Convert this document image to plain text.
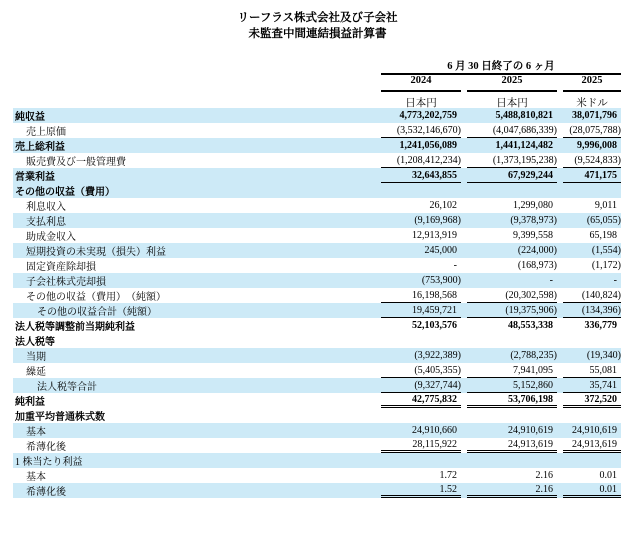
リーフラス株式会社及び子会社
未監査中間連結損益計算書
6 月 30 日終了の 6 ヶ月
2024	2025	2025
日本円	日本円	米ドル
純収益	4,773,202,759	5,488,810,821 38,071,796
売上原価	(3,532,146,670)	(4,047,686,339) (28,075,788)
売上総利益	1,241,056,089	1,441,124,482 9,996,008
販売費及び一般管理費	(1,208,412,234)	(1,373,195,238) (9,524,833)
営業利益	32,643,855	67,929,244	471,175
その他の収益（費用）
利息収入	26,102	1,299,080	9,011
支払利息	(9,169,968)	(9,378,973)	(65,055)
助成金収入	12,913,919	9,399,558	65,198
短期投資の未実現（損失）利益	245,000	(224,000)	(1,554)
固定資産除却損	-	(168,973)	(1,172)
子会社株式売却損	(753,900)	-	-
その他の収益（費用）　（純額）	16,198,568	(20,302,598) (140,824)
その他の収益合計（純額）	19,459,721	(19,375,906) (134,396)
法人税等調整前当期純利益	52,103,576	48,553,338	336,779
法人税等
当期	(3,922,389)	(2,788,235)	(19,340)
繰延	(5,405,355)	7,941,095	55,081
法人税等合計	(9,327,744)	5,152,860	35,741
純利益	42,775,832	53,706,198	372,520
加重平均普通株式数
基本	24,910,660	24,910,619 24,910,619
希薄化後	28,115,922	24,913,619 24,913,619
1 株当たり利益
基本	1.72	2.16	0.01
希薄化後	1.52	2.16	0.01
